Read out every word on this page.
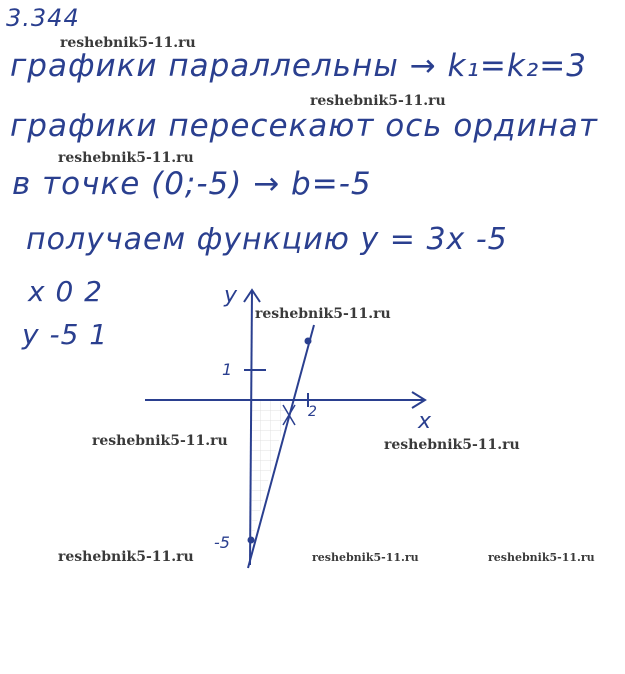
3.344
графики параллельны → k₁=k₂=3
графики пересекают ось ординат
в точке (0;-5) → b=-5
получаем функцию y = 3x -5
x 0 2
y -5 1
x
y
2
1
-5
reshebnik5-11.ru
reshebnik5-11.ru
reshebnik5-11.ru
reshebnik5-11.ru
reshebnik5-11.ru	reshebnik5-11.ru
reshebnik5-11.ru	reshebnik5-11.ru	reshebnik5-11.ru
